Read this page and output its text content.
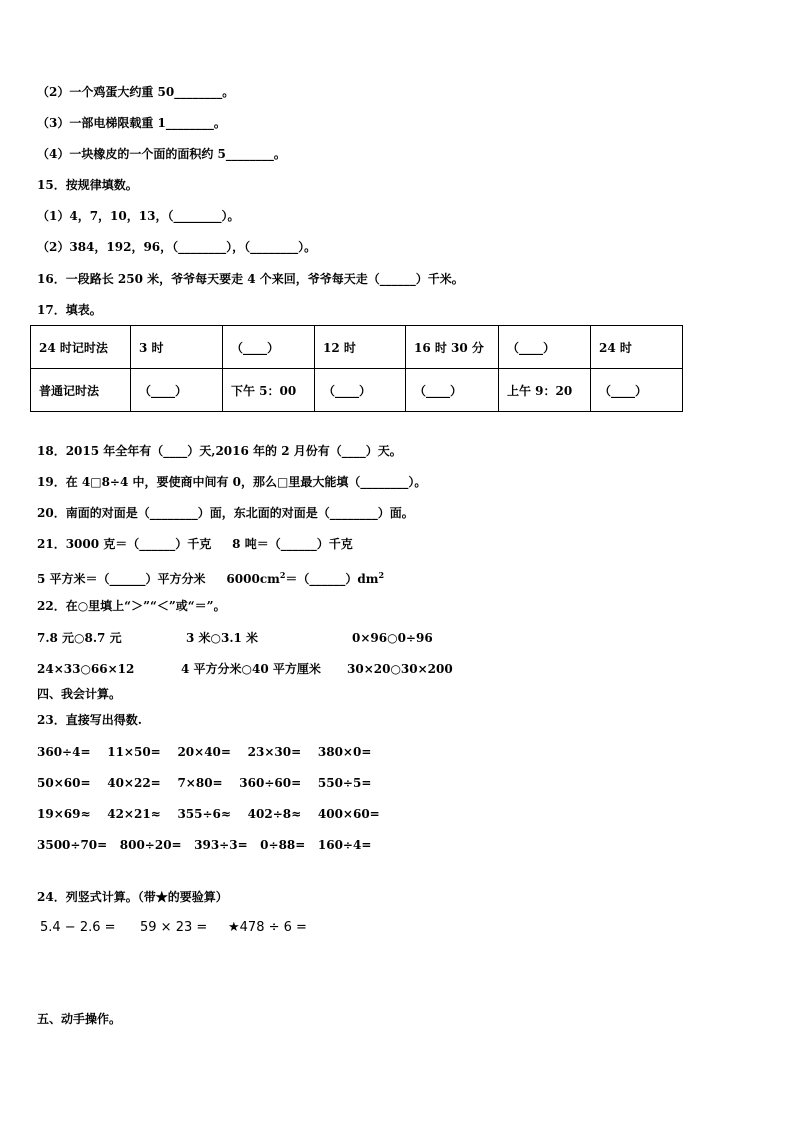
（2）一个鸡蛋大约重 50________。
（3）一部电梯限载重 1________。
（4）一块橡皮的一个面的面积约 5________。
15．按规律填数。
（1）4，7，10，13，（________）。
（2）384，192，96，（________），（________）。
16．一段路长 250 米，爷爷每天要走 4 个来回，爷爷每天走（______）千米。
17．填表。
24 时记时法	3 时	（____）	12 时	16 时 30 分	（____）	24 时
普通记时法	（____）	下午 5：00	（____）	（____）	上午 9：20	（____）
18．2015 年全年有（____）天,2016 年的 2 月份有（____）天。
19．在 4□8÷4 中，要使商中间有 0，那么□里最大能填（________）。
20．南面的对面是（________）面，东北面的对面是（________）面。
21．3000 克＝（______）千克     8 吨＝（______）千克
5 平方米＝（______）平方分米     $6000cm^2=(\_\_\_\_\_\_)dm^2$
22．在○里填上“＞”“＜”或“＝”。
7.8 元○8.7 元	3 米○3.1 米	0×96○0÷96
24×33○66×12	4 平方分米○40 平方厘米 30×20○30×200
四、我会计算。
23．直接写出得数.
360÷4=    11×50=    20×40=    23×30=    380×0=
50×60=    40×22=    7×80=    360÷60=    550÷5=
19×69≈    42×21≈    355÷6≈    402÷8≈    400×60=
3500÷70=   800÷20=   393÷3=   0÷88=   160÷4=
24．列竖式计算。（带★的要验算）
5.4 − 2.6 = 59 × 23 = ★478 ÷ 6 =
五、动手操作。
